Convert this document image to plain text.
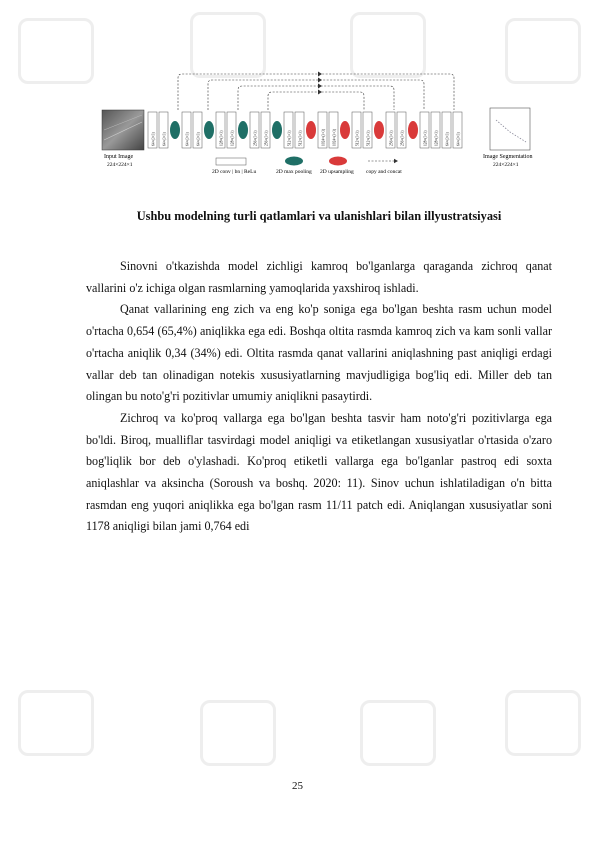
Input Image
224×224×1
Image Segmentation
224×224×1
64×(3×3) 64×(3×3)	64×(3×3) 64×(3×3)	128×(3×3) 128×(3×3)	256×(3×3) 256×(3×3)	512×(3×3) 512×(3×3)	1024×(3×3) 1024×(3×3)	512×(3×3) 512×(3×3)	256×(3×3) 256×(3×3)	128×(3×3) 128×(3×3) 64×(3×3) 64×(3×3)
2D conv | bn | ReLu	2D max pooling 2D upsampling copy and concat
Ushbu modelning turli qatlamlari va ulanishlari bilan illyustratsiyasi

Sinovni o'tkazishda model zichligi kamroq bo'lganlarga qaraganda zichroq qanat vallarini o'z ichiga olgan rasmlarning yamoqlarida yaxshiroq ishladi.

Qanat vallarining eng zich va eng ko'p soniga ega bo'lgan beshta rasm uchun model o'rtacha 0,654 (65,4%) aniqlikka ega edi. Boshqa oltita rasmda kamroq zich va kam sonli vallar o'rtacha aniqlik 0,34 (34%) edi. Oltita rasmda qanat vallarini aniqlashning past aniqligi erdagi vallar deb tan olinadigan notekis xususiyatlarning mavjudligiga bog'liq edi. Miller deb tan olingan bu noto'g'ri pozitivlar umumiy aniqlikni pasaytirdi.

Zichroq va ko'proq vallarga ega bo'lgan beshta tasvir ham noto'g'ri pozitivlarga ega bo'ldi. Biroq, mualliflar tasvirdagi model aniqligi va etiketlangan xususiyatlar o'rtasida o'zaro bog'liqlik bor deb o'ylashadi. Ko'proq etiketli vallarga ega bo'lganlar pastroq edi soxta aniqlashlar va aksincha (Soroush va boshq. 2020: 11). Sinov uchun ishlatiladigan o'n bitta rasmdan eng yuqori aniqlikka ega bo'lgan rasm 11/11 patch edi. Aniqlangan xususiyatlar soni 1178 aniqligi bilan jami 0,764 edi

25
